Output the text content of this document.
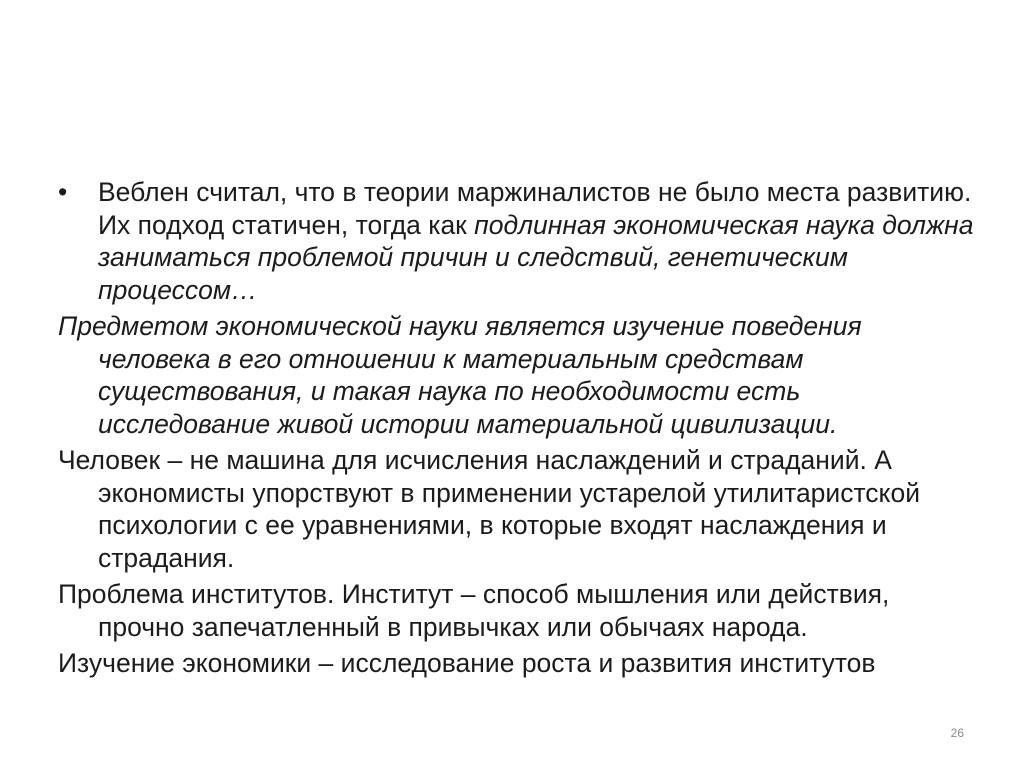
•	Веблен считал, что в теории маржиналистов не было места развитию. Их подход статичен, тогда как подлинная экономическая наука должна заниматься проблемой причин и следствий, генетическим процессом…

Предметом экономической науки является изучение поведения человека в его отношении к материальным средствам существования, и такая наука по необходимости есть исследование живой истории материальной цивилизации.

Человек – не машина для исчисления наслаждений и страданий. А экономисты упорствуют в применении устарелой утилитаристской психологии с ее уравнениями, в которые входят наслаждения и страдания.

Проблема институтов. Институт – способ мышления или действия, прочно запечатленный в привычках или обычаях народа.

Изучение экономики – исследование роста и развития институтов

26
